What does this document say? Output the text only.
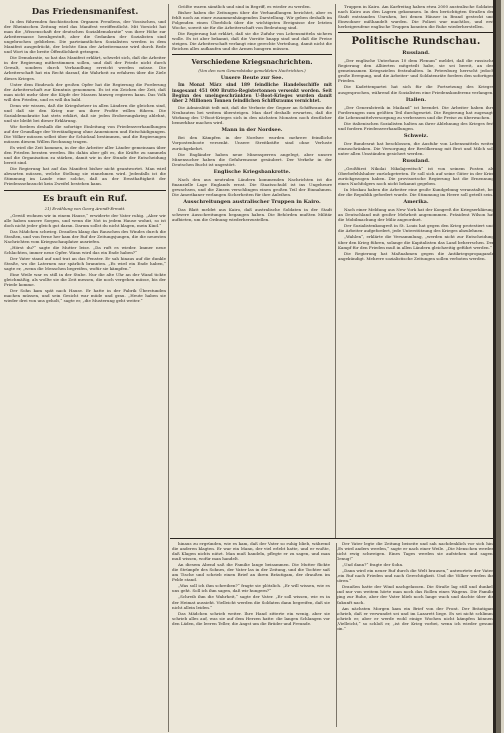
Das Friedensmanifest.

In den führenden faschistischen Organen Preußens, der Vossischen, und der Rheinischen Zeitung wird das Manifest veröffentlicht. Mit Vorsicht hat man die „Wissenschaft der deutschen Sozialdemokratie“ von ihrer Höhe zur Arbeitermasse herabgestuft, aber die Gedanken der Sozialisten sind ungebrochen geblieben. Die parteiamtlichen Sozialisten werden in dem Manifest ausgedrückt, der leichte Sinn der Arbeitermasse wird durch Rede und Wort in die breite Öffentlichkeit getragen.

Die Demokratie, so hat das Manifest erklärt, schwebt sich, daß die Arbeiter in der Regierung mitbestimmen sollen, und daß der Friede nicht durch Gewalt, sondern durch Verhandlung erreicht werden müsse. Die Arbeiterschaft hat ein Recht darauf, die Wahrheit zu erfahren über die Ziele dieses Krieges.

Unter dem Eindruck der großen Opfer hat die Regierung die Forderung der Arbeiterschaft zur Kenntnis genommen. Es ist ein Zeichen der Zeit, daß man nicht mehr über die Köpfe der Massen hinweg regieren kann. Das Volk will den Frieden, und es will ihn bald.

Denn wir wissen, daß die Kriegshetzer in allen Ländern die gleichen sind, und daß sie den Krieg nur um ihrer Profite willen führen. Die Sozialdemokratie hat stets erklärt, daß sie jeden Eroberungskrieg ablehnt, und sie bleibt bei dieser Erklärung.

Wir fordern deshalb die sofortige Einleitung von Friedensverhandlungen auf der Grundlage der Verständigung ohne Annexionen und Entschädigungen. Die Völker müssen selbst über ihr Schicksal bestimmen, und die Regierungen müssen diesem Willen Rechnung tragen.

Es wird die Zeit kommen, in der die Arbeiter aller Länder gemeinsam über den Frieden beraten werden. Bis dahin aber gilt es, die Kräfte zu sammeln und die Organisation zu stärken, damit wir in der Stunde der Entscheidung bereit sind.

Die Regierung hat auf das Manifest bisher nicht geantwortet. Man wird abwarten müssen, welche Stellung sie einnehmen wird. Jedenfalls ist die Stimmung im Lande eine solche, daß an der Ernsthaftigkeit der Friedenssehnsucht kein Zweifel bestehen kann.

Es brauft ein Ruf.
21) Erzählung von Georg Arendt-Ermatt.

„Gewiß wohnen wir in einem Hause,“ erwiderte der Vater ruhig. „Aber wir alle haben unsere Sorgen, und wenn die Not in jedem Hause wohnt, so ist doch nicht jeder gleich gut daran. Darum sollst du nicht klagen, mein Kind.“

Das Mädchen schwieg. Draußen klang das Rauschen des Windes durch die Straßen, und von ferne her kam der Ruf der Zeitungsjungen, die die neuesten Nachrichten vom Kriegsschauplatze ausriefen.

„Hörst du?“ sagte die Mutter leise. „Da ruft es wieder. Immer neue Schlachten, immer neue Opfer. Wann wird das ein Ende haben?“

Der Vater stand auf und trat an das Fenster. Er sah hinaus auf die dunkle Straße, wo die Laternen nur spärlich brannten. „Es wird ein Ende haben,“ sagte er, „wenn die Menschen begreifen, wofür sie kämpfen.“

Eine Weile war es still in der Stube. Nur die alte Uhr an der Wand tickte gleichmäßig, als wollte sie die Zeit messen, die noch vergehen müsse, bis der Friede komme.

Der Sohn kam spät nach Hause. Er hatte in der Fabrik Überstunden machen müssen, und sein Gesicht war müde und grau. „Heute haben sie wieder drei von uns geholt,“ sagte er, „die Musterung geht weiter.“

Größte waren sämtlich und sind in Begriff, es wieder zu werden.

Bisher haben die Zeitungen über die Verhandlungen berichtet, aber es fehlt noch an einer zusammenhängenden Darstellung. Wir geben deshalb im Folgenden einen Überblick über die wichtigsten Ereignisse der letzten Woche, soweit sie für die Arbeiterschaft von Bedeutung sind.

Die Regierung hat erklärt, daß sie die Zufuhr von Lebensmitteln sichern wolle. Es ist aber bekannt, daß die Vorräte knapp sind und daß die Preise steigen. Die Arbeiterschaft verlangt eine gerechte Verteilung, damit nicht die Reichen alles aufkaufen und die Armen hungern müssen.

Verschiedene Kriegsnachrichten.
(Von den vom Generalstabe gemeldeten Nachrichten.)
Unsere Beute zur See.

Im Monat März sind 189 feindliche Handelsschiffe mit insgesamt 451 000 Brutto-Registertonnen versenkt worden. Seit Beginn des uneingeschränkten U-Boot-Krieges wurden damit über 2 Millionen Tonnen feindlichen Schiffsraums vernichtet.

Die Admiralität teilt mit, daß die Verluste der Gegner an Schiffsraum die Neubauten bei weitem übersteigen. Man darf deshalb erwarten, daß die Wirkung des U-Boot-Krieges sich in den nächsten Monaten noch deutlicher bemerkbar machen wird.

Mann in der Nordsee.

Bei den Kämpfen in der Nordsee wurden mehrere feindliche Vorpostenboote versenkt. Unsere Streitkräfte sind ohne Verluste zurückgekehrt.

Die Engländer haben neue Minensperren angelegt, aber unsere Minensucher haben die Gefahrenzone gesäubert. Der Verkehr in der Deutschen Bucht ist ungestört.

Englische Kriegsbankrotte.

Nach den aus neutralen Ländern kommenden Nachrichten ist die finanzielle Lage Englands ernst. Die Staatsschuld ist ins Ungeheure gewachsen, und die Zinsen verschlingen einen großen Teil der Einnahmen. Die Amerikaner verlangen Sicherheiten für ihre Anleihen.

Ausschreitungen australischer Truppen in Kairo.

Das Blatt meldet aus Kairo, daß australische Soldaten in der Stadt schwere Ausschreitungen begangen haben. Die Behörden mußten Militär aufbieten, um die Ordnung wiederherzustellen.

Truppen in Kairo. Am Karfreitag haben etwa 2000 australische Soldaten nach Kairo aus den Lagern gekommen. In den berüchtigten Straßen der Stadt entstanden Unruhen, bei denen Häuser in Brand gesteckt und Einwohner mißhandelt wurden. Die Polizei war machtlos, und erst herbeigerufene englische Truppen konnten die Ruhe wiederherstellen.

Politische Rundschau.
Russland.

„Der englische Unterhaus 10 dem Plenum“ meldet, daß die russische Regierung den Alliierten mitgeteilt habe, sie sei bereit, an den gemeinsamen Kriegszielen festzuhalten. In Petersburg herrscht jedoch große Erregung, und die Arbeiter- und Soldatenräte fordern den sofortigen Frieden.

Die Kadettenpartei hat sich für die Fortsetzung des Krieges ausgesprochen, während die Sozialisten eine Friedenskonferenz verlangen.

Italien.

„Der Generalstreik in Mailand“ ist beendet. Die Arbeiter haben ihre Forderungen zum größten Teil durchgesetzt. Die Regierung hat zugesagt, die Lebensmittelversorgung zu verbessern und die Preise zu überwachen.

Die italienischen Sozialisten halten an ihrer Ablehnung des Krieges fest und fordern Friedensverhandlungen.

Schweiz.

Der Bundesrat hat beschlossen, die Ausfuhr von Lebensmitteln weiter einzuschränken. Die Versorgung der Bevölkerung mit Brot und Milch soll unter allen Umständen gesichert werden.

Russland.

„Großfürst Nikolai Nikolajewitsch“ ist von seinem Posten als Oberbefehlshaber zurückgetreten. Er soll sich auf seine Güter in der Krim zurückgezogen haben. Die provisorische Regierung hat die Ernennung eines Nachfolgers noch nicht bekannt gegeben.

In Moskau haben die Arbeiter eine große Kundgebung veranstaltet, bei der die Republik gefordert wurde. Die Stimmung im Heere soll geteilt sein.

Amerika.

Nach einer Meldung aus New York hat der Kongreß die Kriegserklärung an Deutschland mit großer Mehrheit angenommen. Präsident Wilson hat die Mobilmachung der Miliz angeordnet.

Der Sozialistenkongreß in St. Louis hat gegen den Krieg protestiert und die Arbeiter aufgefordert, jede Unterstützung des Krieges abzulehnen.

„Wahlen“, erklärte die Versammlung, „werden nicht zur Entscheidung über den Krieg führen, solange die Kapitalisten das Land beherrschen. Der Kampf für den Frieden muß in allen Ländern gleichzeitig geführt werden.“

Die Regierung hat Maßnahmen gegen die Antikriegspropaganda angekündigt. Mehrere sozialistische Zeitungen sollen verboten werden.

hinaus zu ergründen, wie es kam, daß der Vater so ruhig blieb, während die anderen klagten. Er war ein Mann, der viel erlebt hatte, und er wußte, daß Klagen nichts nützt. Man muß handeln, pflegte er zu sagen, und man muß wissen, wofür man handelt.

An diesem Abend saß die Familie lange beisammen. Die Mutter flickte die Strümpfe des Sohnes, der Vater las in der Zeitung, und die Tochter saß am Tische und schrieb einen Brief an ihren Bräutigam, der draußen im Felde stand.

„Was soll ich ihm schreiben?“ fragte sie plötzlich. „Er will wissen, wie es uns geht. Soll ich ihm sagen, daß wir hungern?“

„Schreib ihm die Wahrheit,“ sagte der Vater. „Er soll wissen, wie es in der Heimat aussieht. Vielleicht werden die Soldaten dann begreifen, daß sie nicht allein leiden.“

Das Mädchen schrieb weiter. Ihre Hand zitterte ein wenig, aber sie schrieb alles auf, was sie auf dem Herzen hatte: die langen Schlangen vor den Läden, die leeren Teller, die Angst um die Brüder und Freunde.

Der Vater legte die Zeitung beiseite und sah nachdenklich vor sich hin. „Es wird anders werden,“ sagte er nach einer Weile. „Die Menschen werden nicht ewig schweigen. Eines Tages werden sie aufstehen und sagen: Genug!“

„Und dann?“ fragte der Sohn.

„Dann wird ein neuer Ruf durch die Welt brausen,“ antwortete der Vater, „ein Ruf nach Frieden und nach Gerechtigkeit. Und die Völker werden ihn hören.“

Draußen hatte der Wind nachgelassen. Die Straße lag still und dunkel, und nur von weitem hörte man noch das Rollen eines Wagens. Die Familie ging zur Ruhe, aber der Vater blieb noch lange wach und dachte über die Zukunft nach.

Am nächsten Morgen kam ein Brief von der Front. Der Bräutigam schrieb, daß er verwundet sei und im Lazarett liege. Es sei nicht schlimm, schrieb er, aber er werde wohl einige Wochen nicht kämpfen können. „Vielleicht,“ so schloß er, „ist der Krieg vorbei, wenn ich wieder gesund bin.“
